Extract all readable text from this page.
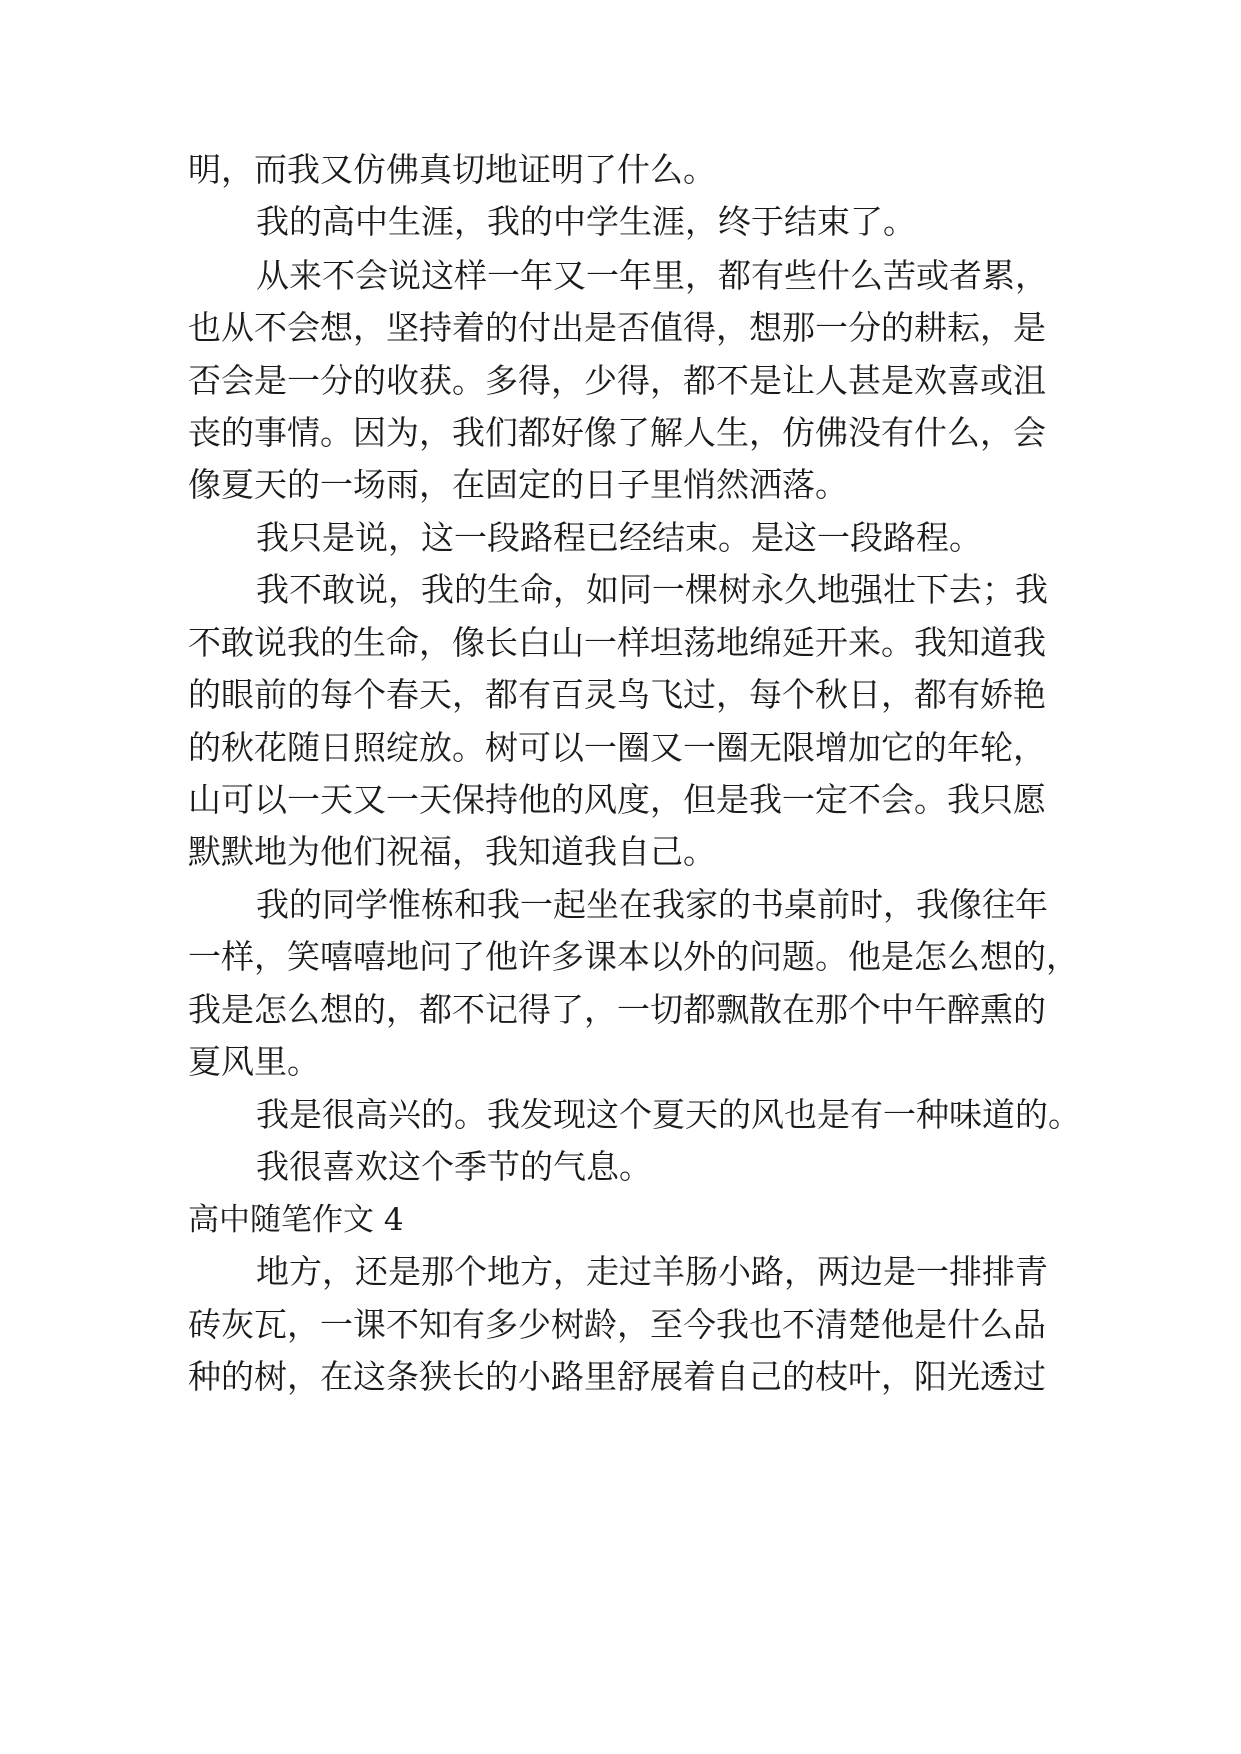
明，而我又仿佛真切地证明了什么。
我的高中生涯，我的中学生涯，终于结束了。
从来不会说这样一年又一年里，都有些什么苦或者累，
也从不会想，坚持着的付出是否值得，想那一分的耕耘，是
否会是一分的收获。多得，少得，都不是让人甚是欢喜或沮
丧的事情。因为，我们都好像了解人生，仿佛没有什么，会
像夏天的一场雨，在固定的日子里悄然洒落。
我只是说，这一段路程已经结束。是这一段路程。
我不敢说，我的生命，如同一棵树永久地强壮下去；我
不敢说我的生命，像长白山一样坦荡地绵延开来。我知道我
的眼前的每个春天，都有百灵鸟飞过，每个秋日，都有娇艳
的秋花随日照绽放。树可以一圈又一圈无限增加它的年轮，
山可以一天又一天保持他的风度，但是我一定不会。我只愿
默默地为他们祝福，我知道我自己。
我的同学惟栋和我一起坐在我家的书桌前时，我像往年
一样，笑嘻嘻地问了他许多课本以外的问题。他是怎么想的，
我是怎么想的，都不记得了，一切都飘散在那个中午醉熏的
夏风里。
我是很高兴的。我发现这个夏天的风也是有一种味道的。
我很喜欢这个季节的气息。
高中随笔作文 4
地方，还是那个地方，走过羊肠小路，两边是一排排青
砖灰瓦，一课不知有多少树龄，至今我也不清楚他是什么品
种的树，在这条狭长的小路里舒展着自己的枝叶，阳光透过
